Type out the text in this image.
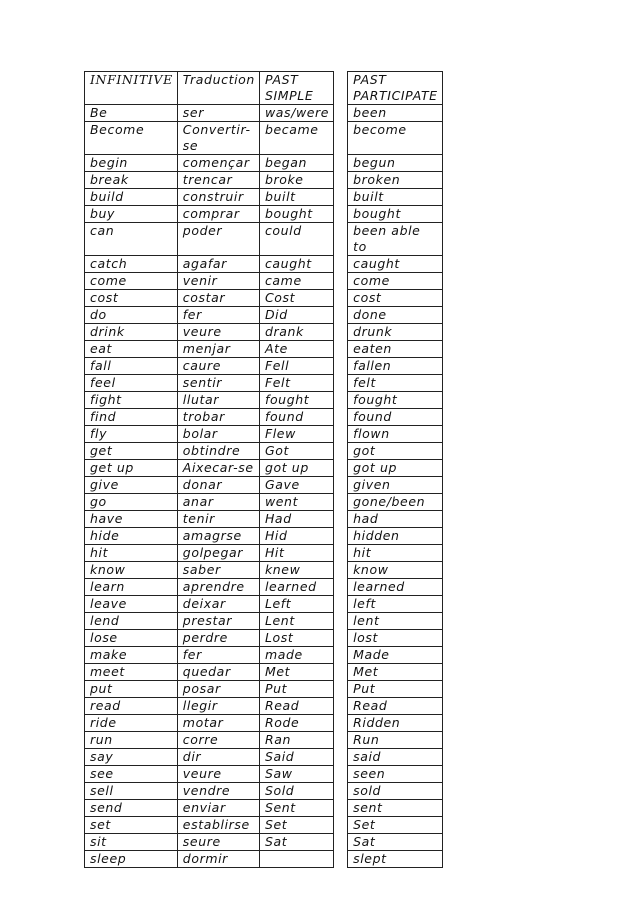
INFINITIVE	Traduction	PAST SIMPLE		PAST PARTICIPATE
Be	ser	was/were		been
Become	Convertir-se	became		become
begin	començar	began		begun
break	trencar	broke		broken
build	construir	built		built
buy	comprar	bought		bought
can	poder	could		been able to
catch	agafar	caught		caught
come	venir	came		come
cost	costar	Cost		cost
do	fer	Did		done
drink	veure	drank		drunk
eat	menjar	Ate		eaten
fall	caure	Fell		fallen
feel	sentir	Felt		felt
fight	llutar	fought		fought
find	trobar	found		found
fly	bolar	Flew		flown
get	obtindre	Got		got
get up	Aixecar-se	got up		got up
give	donar	Gave		given
go	anar	went		gone/been
have	tenir	Had		had
hide	amagrse	Hid		hidden
hit	golpegar	Hit		hit
know	saber	knew		know
learn	aprendre	learned		learned
leave	deixar	Left		left
lend	prestar	Lent		lent
lose	perdre	Lost		lost
make	fer	made		Made
meet	quedar	Met		Met
put	posar	Put		Put
read	llegir	Read		Read
ride	motar	Rode		Ridden
run	corre	Ran		Run
say	dir	Said		said
see	veure	Saw		seen
sell	vendre	Sold		sold
send	enviar	Sent		sent
set	establirse	Set		Set
sit	seure	Sat		Sat
sleep	dormir			slept
